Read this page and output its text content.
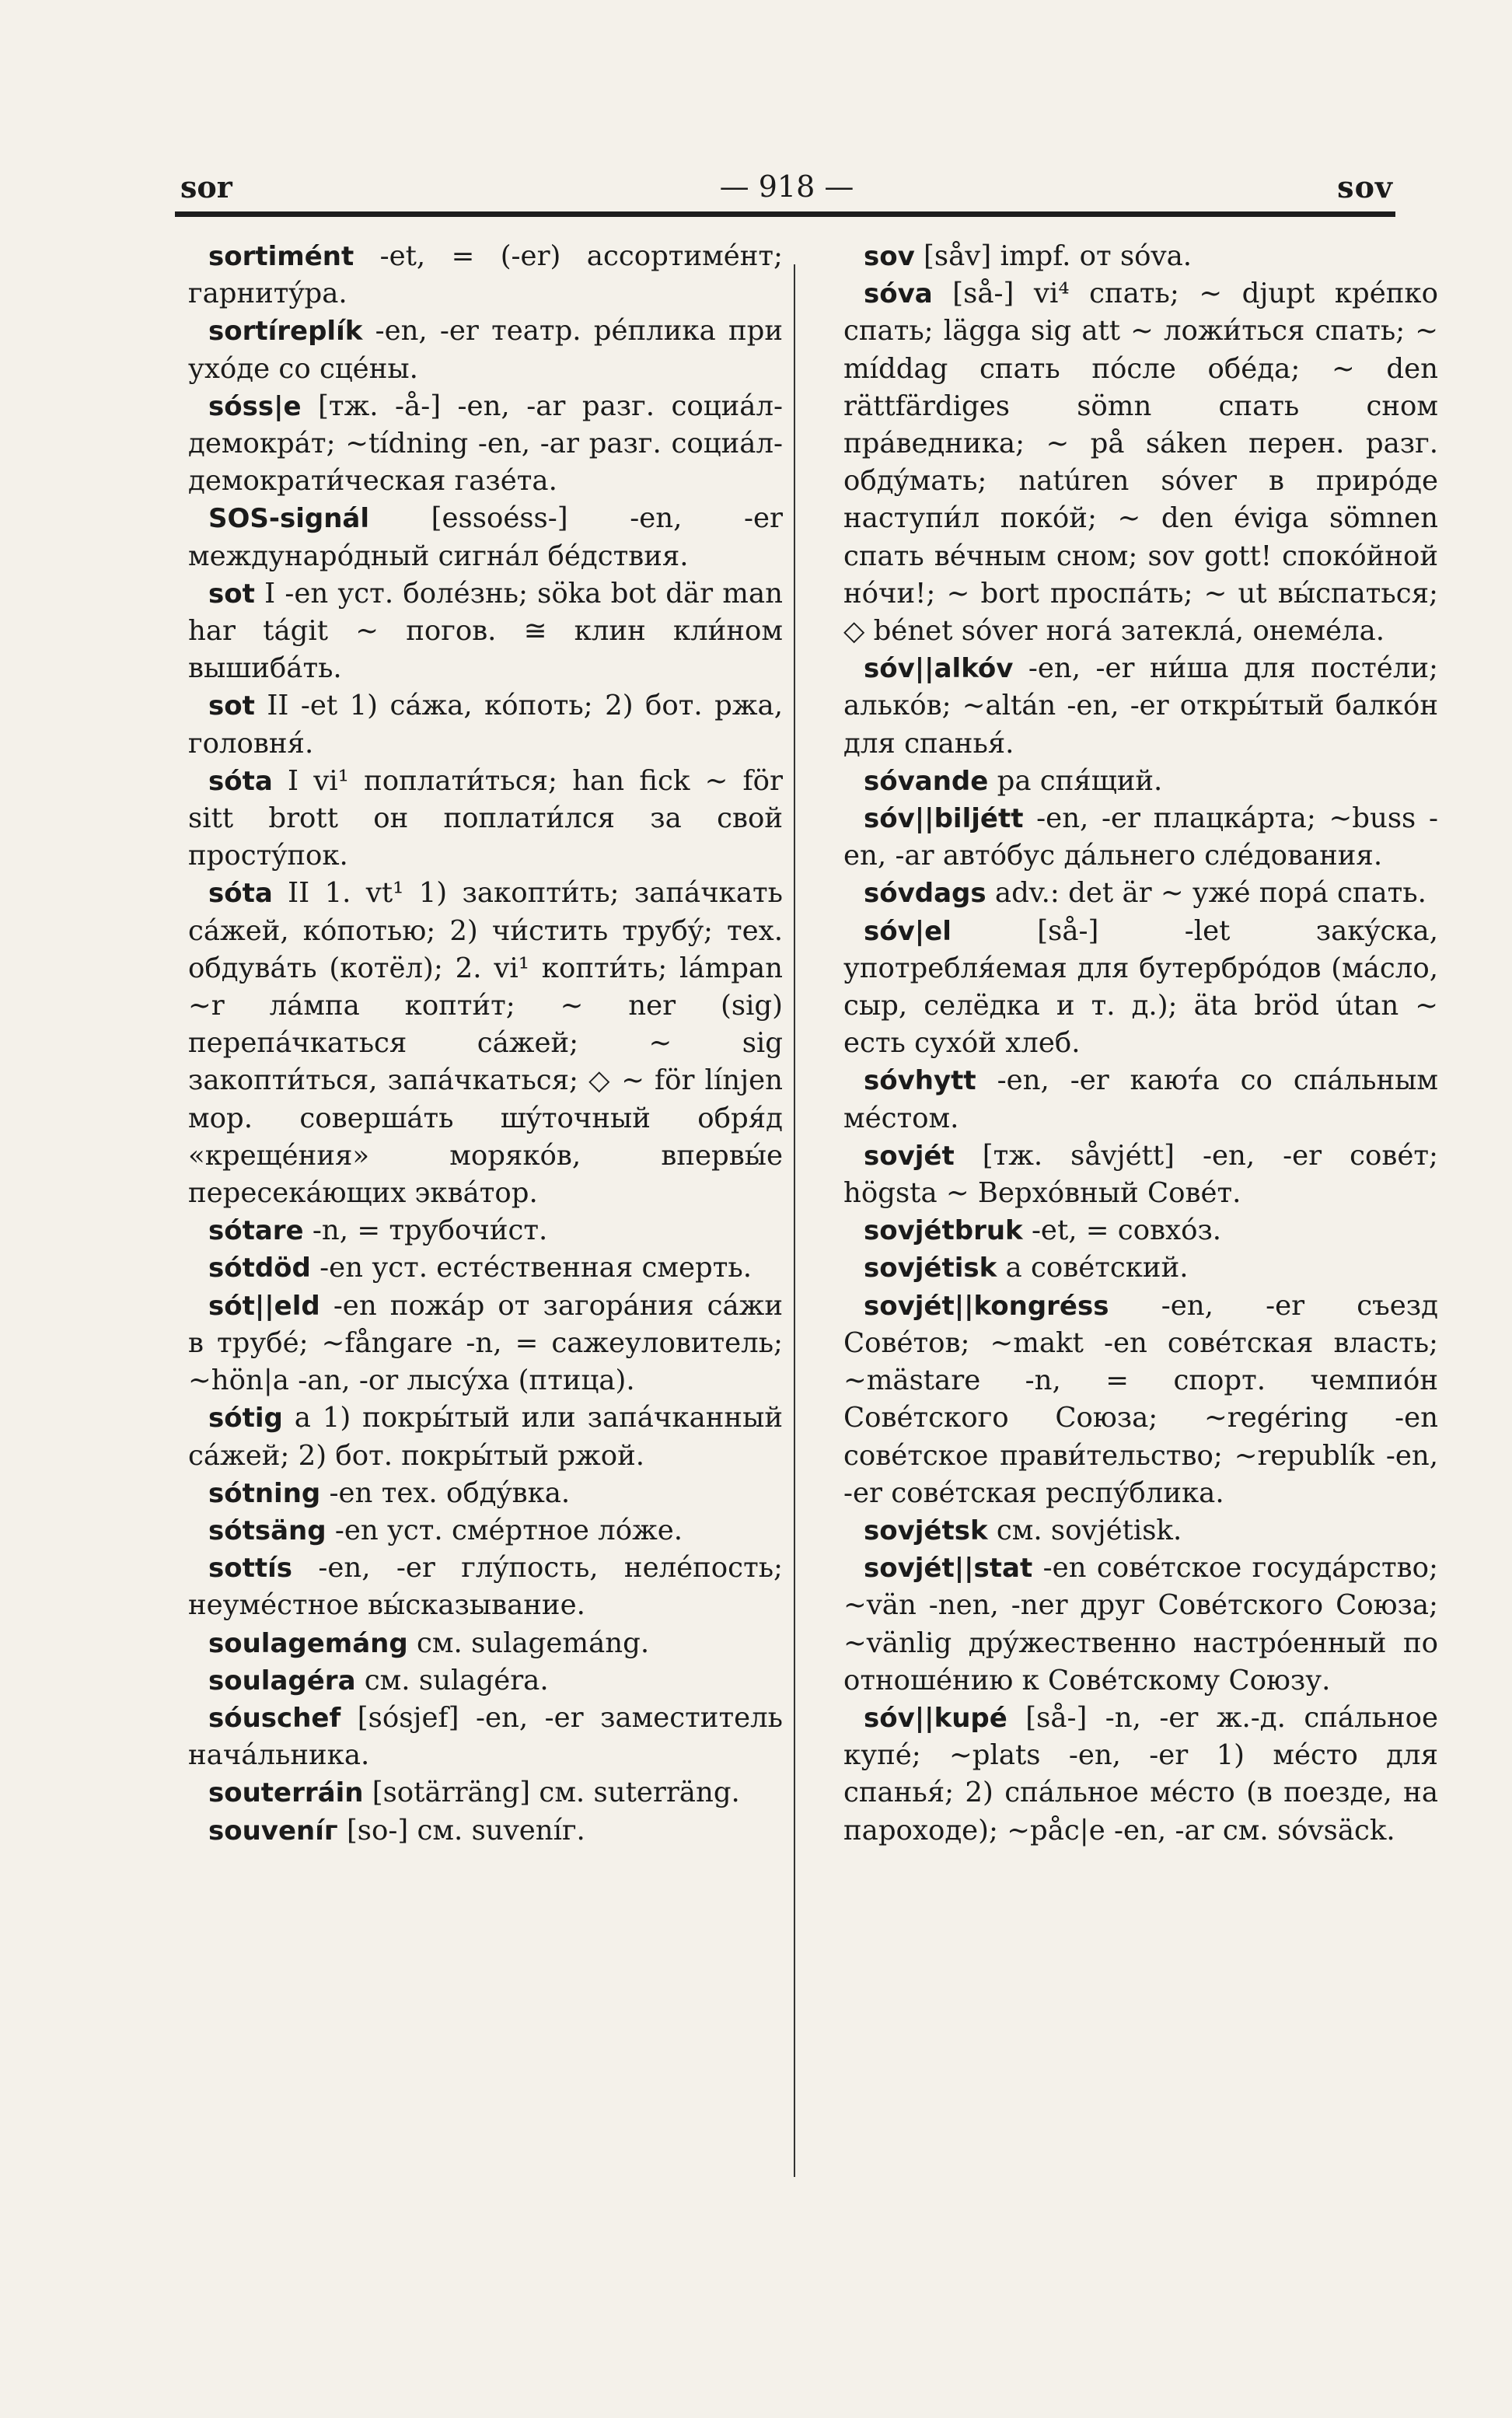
sor	— 918 —	sov

sortimént -et, = (-er) ассортимéнт; гарнитýра.

sortíreplík -en, -er театр. рéплика при ухóде со сцéны.

sóss|e [тж. -å-] -en, -ar разг. социáл-демокрáт; ~tídning -en, -ar разг. социáл-демократи́ческая газéта.

SOS-signál [essoéss-] -en, -er междунарóдный сигнáл бéдствия.

sot I -en уст. болéзнь; söka bot där man har tágit ~ погов. ≅ клин кли́ном вышибáть.

sot II -et 1) сáжа, кóпоть; 2) бот. ржа, головня́.

sóta I vi¹ поплати́ться; han fick ~ för sitt brott он поплати́лся за свой простýпок.

sóta II 1. vt¹ 1) закопти́ть; запáчкать сáжей, кóпотью; 2) чи́стить трубý; тех. обдувáть (котёл); 2. vi¹ копти́ть; lámpan ~r лáмпа копти́т; ~ ner (sig) перепáчкаться сáжей; ~ sig закопти́ться, запáчкаться; ◇ ~ för línjen мор. совершáть шýточный обря́д «крещéния» морякóв, впервы́е пересекáющих эквáтор.

sótare -n, = трубочи́ст.

sótdöd -en уст. естéственная смерть.

sót||eld -en пожáр от загорáния сáжи в трубé; ~fångare -n, = сажеуловитель; ~hön|a -an, -or лысýха (птица).

sótig a 1) покры́тый или запáчканный сáжей; 2) бот. покры́тый ржой.

sótning -en тех. обдýвка.

sótsäng -en уст. смéртное лóже.

sottís -en, -er глýпость, нелéпость; неумéстное вы́сказывание.

soulagemáng см. sulagemáng.

soulagéra см. sulagéra.

sóuschef [sósjef] -en, -er заместитель начáльника.

souterráin [sotärräng] см. suterräng.

souveníг [so-] см. suveníг.

sov [såv] impf. от sóva.

sóva [så-] vi⁴ спать; ~ djupt крéпко спать; lägga sig att ~ ложи́ться спать; ~ míddag спать пóсле обéда; ~ den rättfärdiges sömn спать сном прáведника; ~ på sáken перен. разг. обдýмать; natúren sóver в прирóде наступи́л покóй; ~ den éviga sömnen спать вéчным сном; sov gott! спокóйной нóчи!; ~ bort проспáть; ~ ut вы́спаться; ◇ bénet sóver ногá затеклá, онемéла.

sóv||alkóv -en, -er ни́ша для постéли; алькóв; ~altán -en, -er откры́тый балкóн для спанья́.

sóvande pa спя́щий.

sóv||biljétt -en, -er плацкáрта; ~buss -en, -ar автóбус дáльнего слéдования.

sóvdags adv.: det är ~ ужé порá спать.

sóv|el [så-] -let закýска, употребля́емая для бутербрóдов (мáсло, сыр, селёдка и т. д.); äta bröd útan ~ есть сухóй хлеб.

sóvhytt -en, -er кают́а со спáльным мéстом.

sovjét [тж. såvjétt] -en, -er совéт; högsta ~ Верхóвный Совéт.

sovjétbruk -et, = совхóз.

sovjétisk a совéтский.

sovjét||kongréss -en, -er съезд Совéтов; ~makt -en совéтская власть; ~mästare -n, = спорт. чемпиóн Совéтского Союза; ~regéring -en совéтское прави́тельство; ~republík -en, -er совéтская респýблика.

sovjétsk см. sovjétisk.

sovjét||stat -en совéтское госудáрство; ~vän -nen, -ner друг Совéтского Союза; ~vänlig дрýжественно настрóенный по отношéнию к Совéтскому Союзу.

sóv||kupé [så-] -n, -er ж.-д. спáльное купé; ~plats -en, -er 1) мéсто для спанья́; 2) спáльное мéсто (в поезде, на пароходе); ~påс|e -en, -ar см. sóvsäck.
